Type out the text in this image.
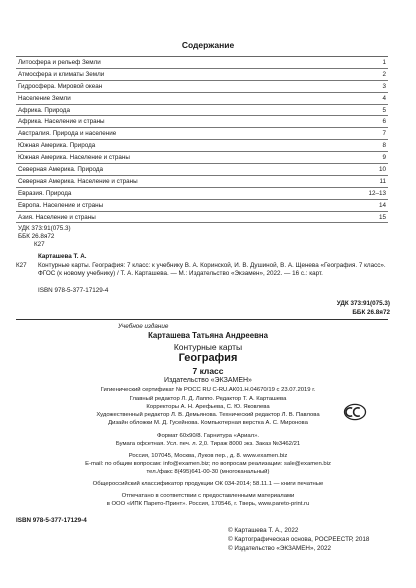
Содержание
Литосфера и рельеф Земли	1
Атмосфера и климаты Земли	2
Гидросфера. Мировой океан	3
Население Земли	4
Африка. Природа	5
Африка. Население и страны	6
Австралия. Природа и население	7
Южная Америка. Природа	8
Южная Америка. Население и страны	9
Северная Америка. Природа	10
Северная Америка. Население и страны	11
Евразия. Природа	12–13
Европа. Население и страны	14
Азия. Население и страны	15
УДК 373:91(075.3)
ББК 26.8я72
К27
Карташева Т. А.
К27 Контурные карты. География: 7 класс: к учебнику В. А. Коринской, И. В. Душиной, В. А. Щенева «География. 7 класс». ФГОС (к новому учебнику) / Т. А. Карташева. — М.: Издательство «Экзамен», 2022. — 16 с.: карт.
ISBN 978-5-377-17129-4
УДК 373:91(075.3)
ББК 26.8я72
Учебное издание
Карташева Татьяна Андреевна
Контурные карты
География
7 класс
Издательство «ЭКЗАМЕН»
Гигиенический сертификат № РОСС RU С-RU.АК01.Н.04670/19 с 23.07.2019 г.
Главный редактор Л. Д. Лаппо. Редактор Т. А. Карташева
Корректоры А. Н. Арефьева, С. Ю. Яковлева
Художественный редактор Л. В. Демьянова. Технический редактор Л. В. Павлова
Дизайн обложки М. Д. Гусейнова. Компьютерная верстка А. С. Миронова
Формат 60х90/8. Гарнитура «Ариал».
Бумага офсетная. Усл. печ. л. 2,0. Тираж 8000 экз. Заказ №3462/21
Россия, 107045, Москва, Луков пер., д. 8. www.examen.biz
E-mail: по общим вопросам: info@examen.biz; по вопросам реализации: sale@examen.biz
тел./факс 8(495)641-00-30 (многоканальный)
Общероссийский классификатор продукции ОК 034-2014; 58.11.1 — книги печатные
Отпечатано в соответствии с предоставленными материалами
в ООО «ИПК Парето-Принт». Россия, 170546, г. Тверь, www.pareto-print.ru
ISBN 978-5-377-17129-4
© Карташева Т. А., 2022
© Картографическая основа, РОСРЕЕСТР, 2018
© Издательство «ЭКЗАМЕН», 2022
